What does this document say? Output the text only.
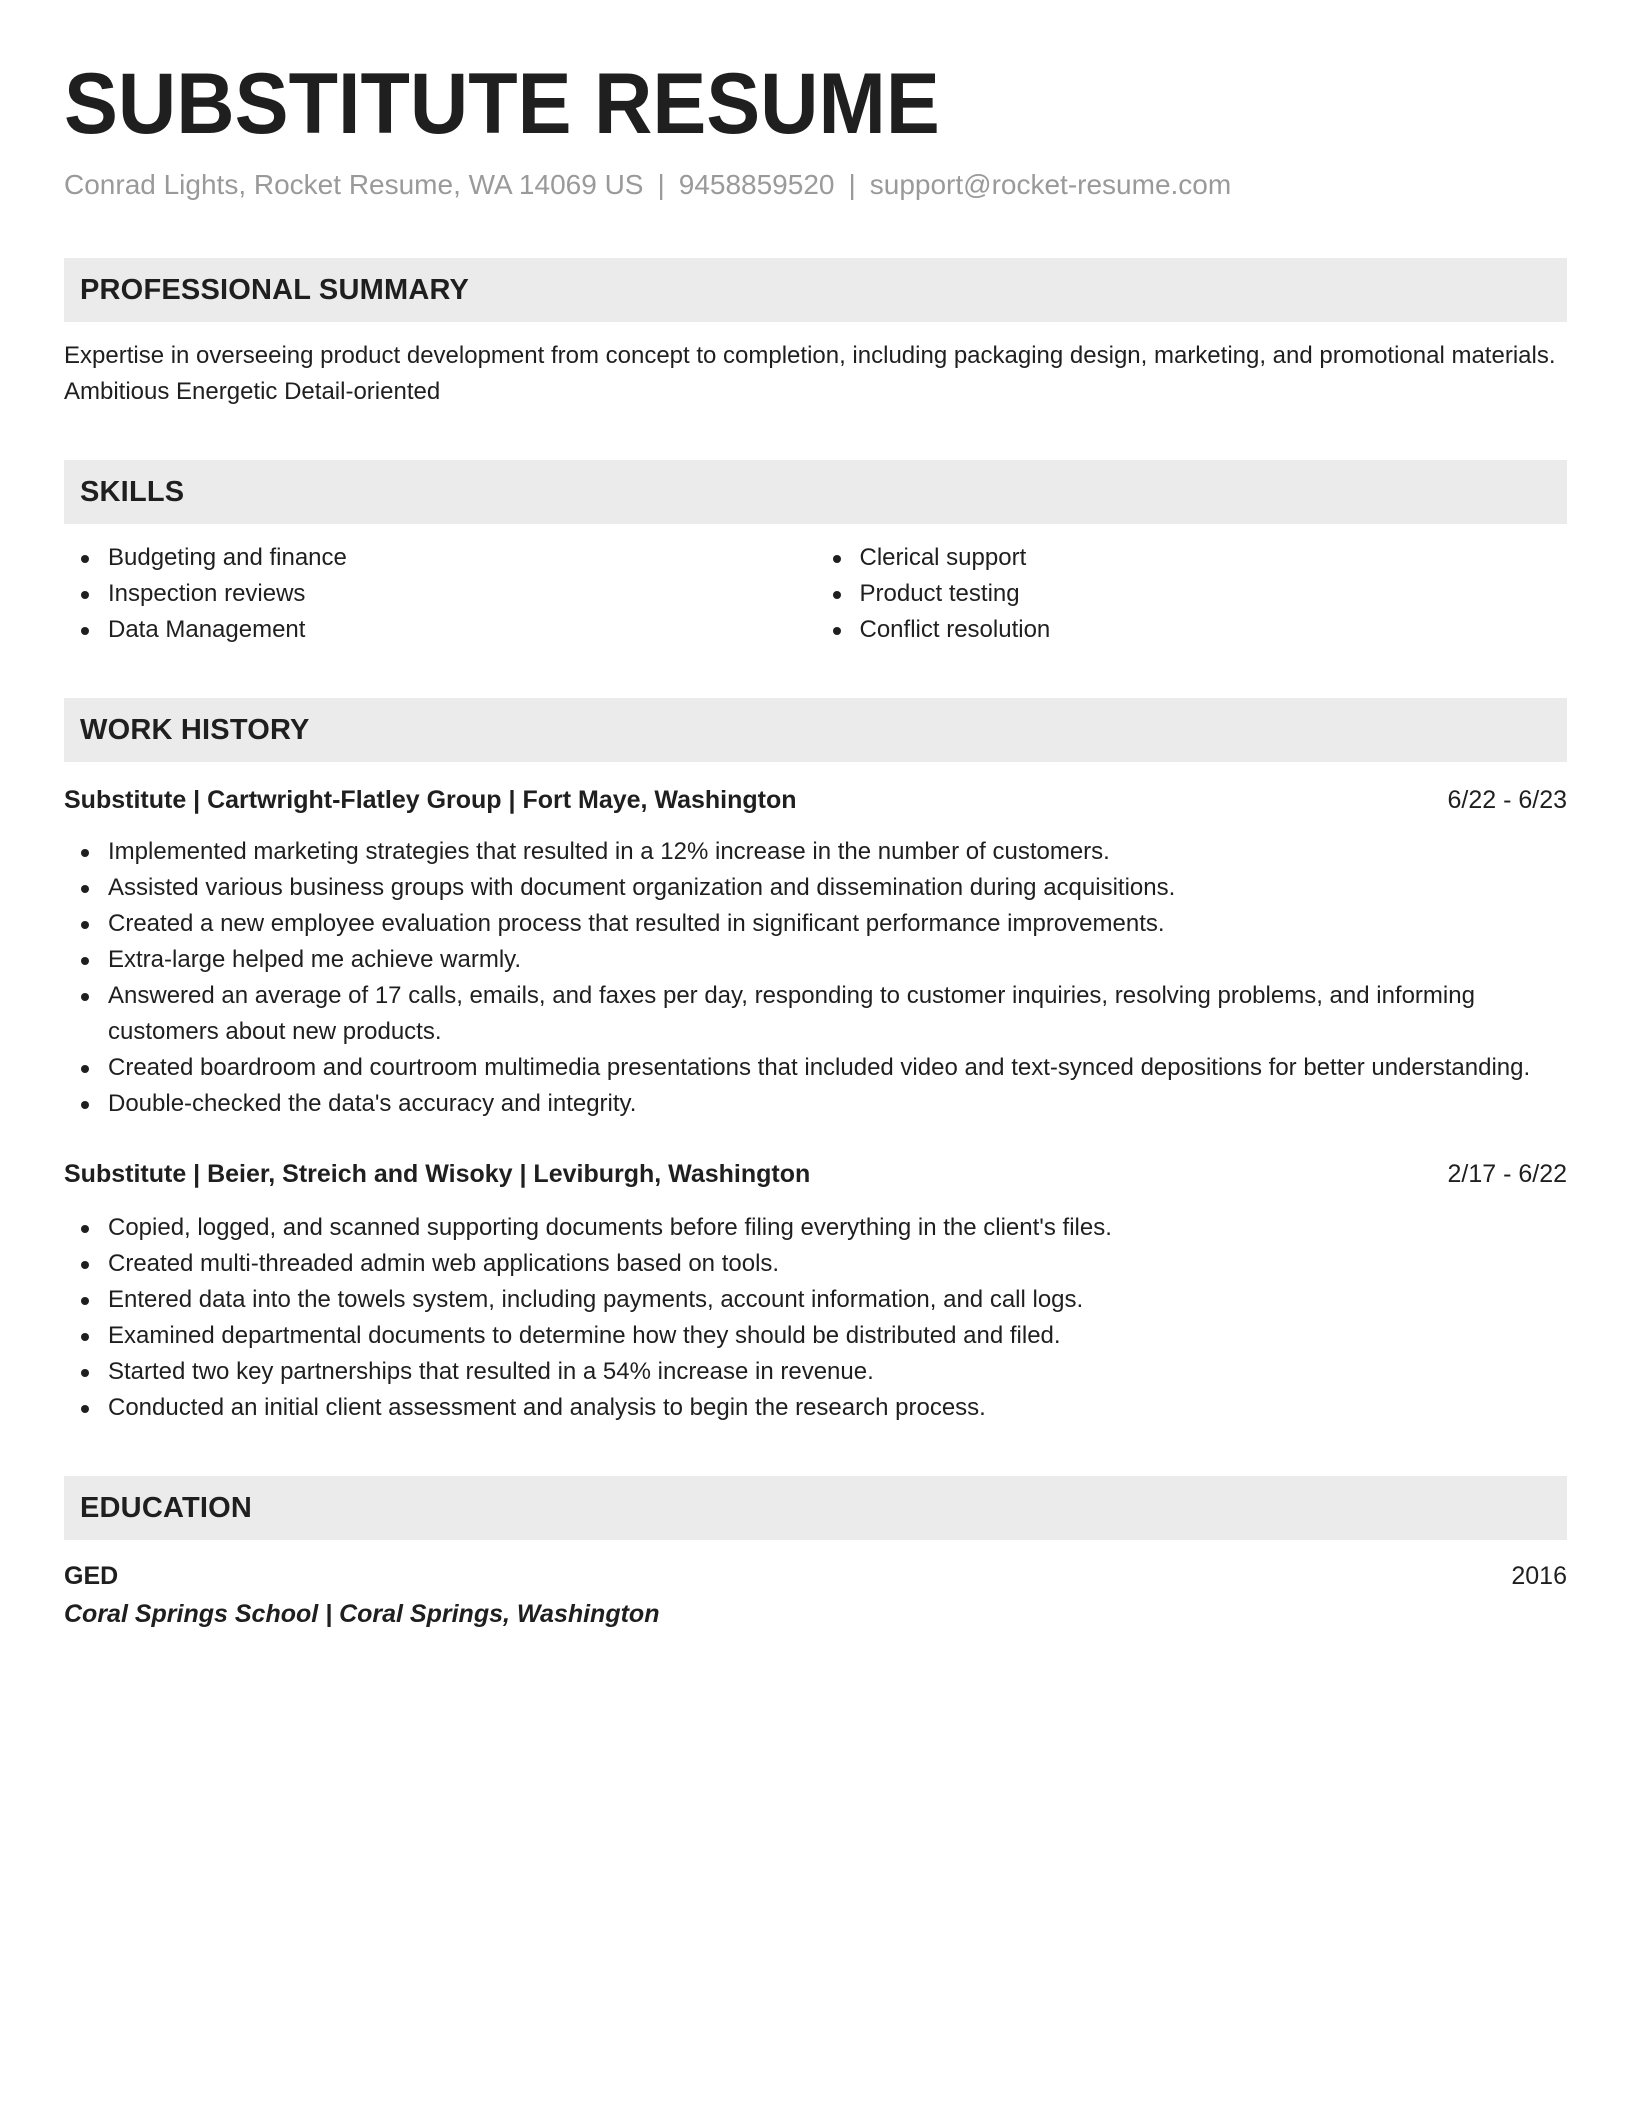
SUBSTITUTE RESUME
Conrad Lights, Rocket Resume, WA 14069 US | 9458859520 | support@rocket-resume.com
PROFESSIONAL SUMMARY
Expertise in overseeing product development from concept to completion, including packaging design, marketing, and promotional materials. Ambitious Energetic Detail-oriented
SKILLS
Budgeting and finance
Inspection reviews
Data Management
Clerical support
Product testing
Conflict resolution
WORK HISTORY
Substitute | Cartwright-Flatley Group | Fort Maye, Washington	6/22 - 6/23
Implemented marketing strategies that resulted in a 12% increase in the number of customers.
Assisted various business groups with document organization and dissemination during acquisitions.
Created a new employee evaluation process that resulted in significant performance improvements.
Extra-large helped me achieve warmly.
Answered an average of 17 calls, emails, and faxes per day, responding to customer inquiries, resolving problems, and informing customers about new products.
Created boardroom and courtroom multimedia presentations that included video and text-synced depositions for better understanding.
Double-checked the data's accuracy and integrity.
Substitute | Beier, Streich and Wisoky | Leviburgh, Washington	2/17 - 6/22
Copied, logged, and scanned supporting documents before filing everything in the client's files.
Created multi-threaded admin web applications based on tools.
Entered data into the towels system, including payments, account information, and call logs.
Examined departmental documents to determine how they should be distributed and filed.
Started two key partnerships that resulted in a 54% increase in revenue.
Conducted an initial client assessment and analysis to begin the research process.
EDUCATION
GED	2016
Coral Springs School | Coral Springs, Washington
